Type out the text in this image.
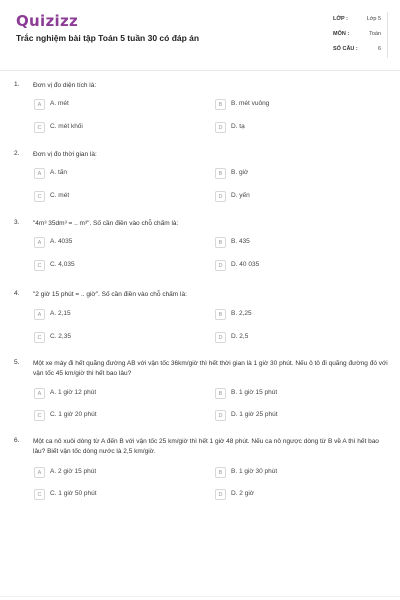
Quizizz
Trắc nghiệm bài tập Toán 5 tuần 30 có đáp án
LỚP :	Lớp 5
MÔN :	Toán
SỐ CÂU :	6
1. Đơn vị đo diện tích là:
A	A. mét	B	B. mét vuông
C	C. mét khối	D	D. tạ
2. Đơn vị đo thời gian là:
A	A. tấn	B	B. giờ
C	C. mét	D	D. yến
3. "4m³ 35dm³ = .. m³". Số cần điền vào chỗ chấm là:
A	A. 4035	B	B. 435
C	C. 4,035	D	D. 40 035
4. "2 giờ 15 phút = .. giờ". Số cần điền vào chỗ chấm là:
A	A. 2,15	B	B. 2,25
C	C. 2,35	D	D. 2,5
5. Một xe máy đi hết quãng đường AB với vận tốc 36km/giờ thì hết thời gian là 1 giờ 30 phút. Nếu ô tô đi quãng đường đó với vận tốc 45 km/giờ thì hết bao lâu?
A	A. 1 giờ 12 phút	B	B. 1 giờ 15 phút
C	C. 1 giờ 20 phút	D	D. 1 giờ 25 phút
6. Một ca nô xuôi dòng từ A đến B với vận tốc 25 km/giờ thì hết 1 giờ 48 phút. Nếu ca nô ngược dòng từ B về A thì hết bao lâu? Biết vận tốc dòng nước là 2,5 km/giờ.
A	A. 2 giờ 15 phút	B	B. 1 giờ 30 phút
C	C. 1 giờ 50 phút	D	D. 2 giờ
